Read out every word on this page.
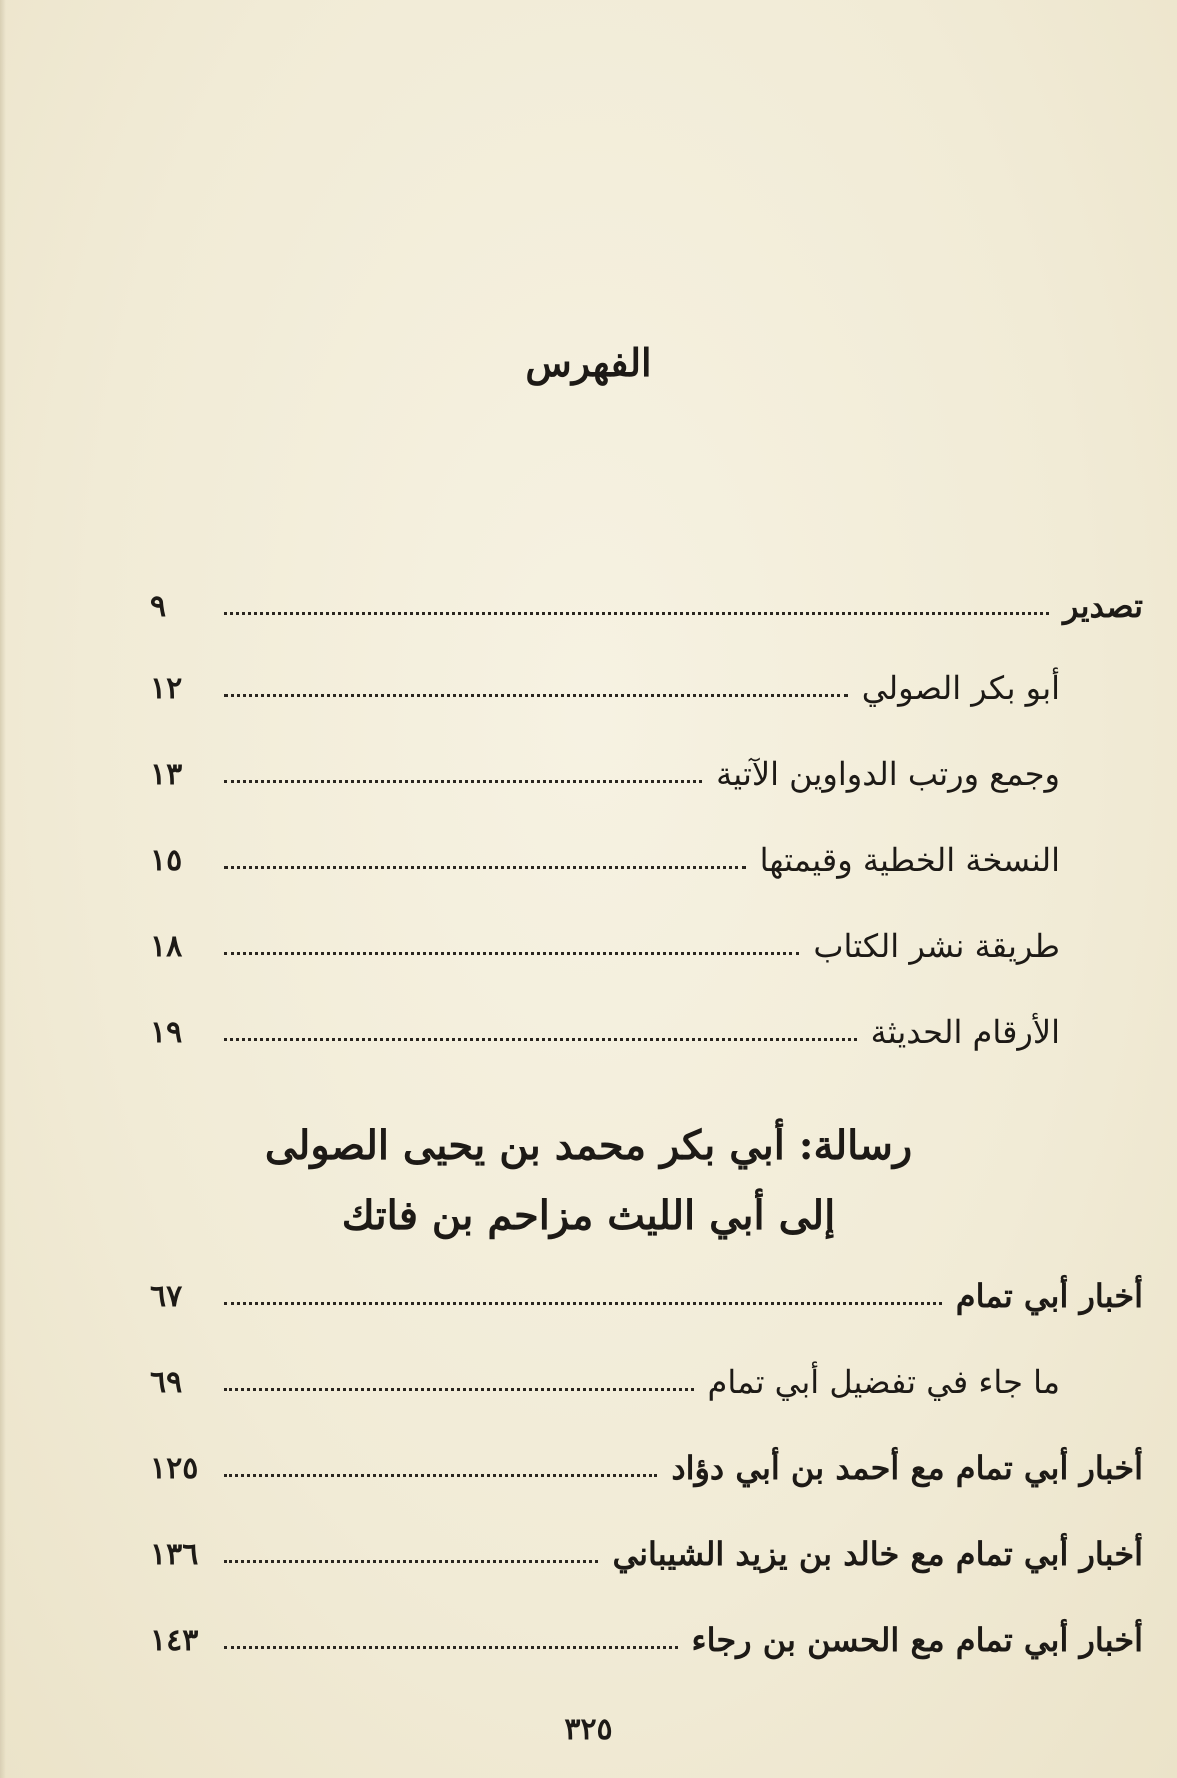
الفهرس
تصدير
٩
أبو بكر الصولي
١٢
وجمع ورتب الدواوين الآتية
١٣
النسخة الخطية وقيمتها
١٥
طريقة نشر الكتاب
١٨
الأرقام الحديثة
١٩
رسالة: أبي بكر محمد بن يحيى الصولى
إلى أبي الليث مزاحم بن فاتك
أخبار أبي تمام
٦٧
ما جاء في تفضيل أبي تمام
٦٩
أخبار أبي تمام مع أحمد بن أبي دؤاد
١٢٥
أخبار أبي تمام مع خالد بن يزيد الشيباني
١٣٦
أخبار أبي تمام مع الحسن بن رجاء
١٤٣
٣٢٥
